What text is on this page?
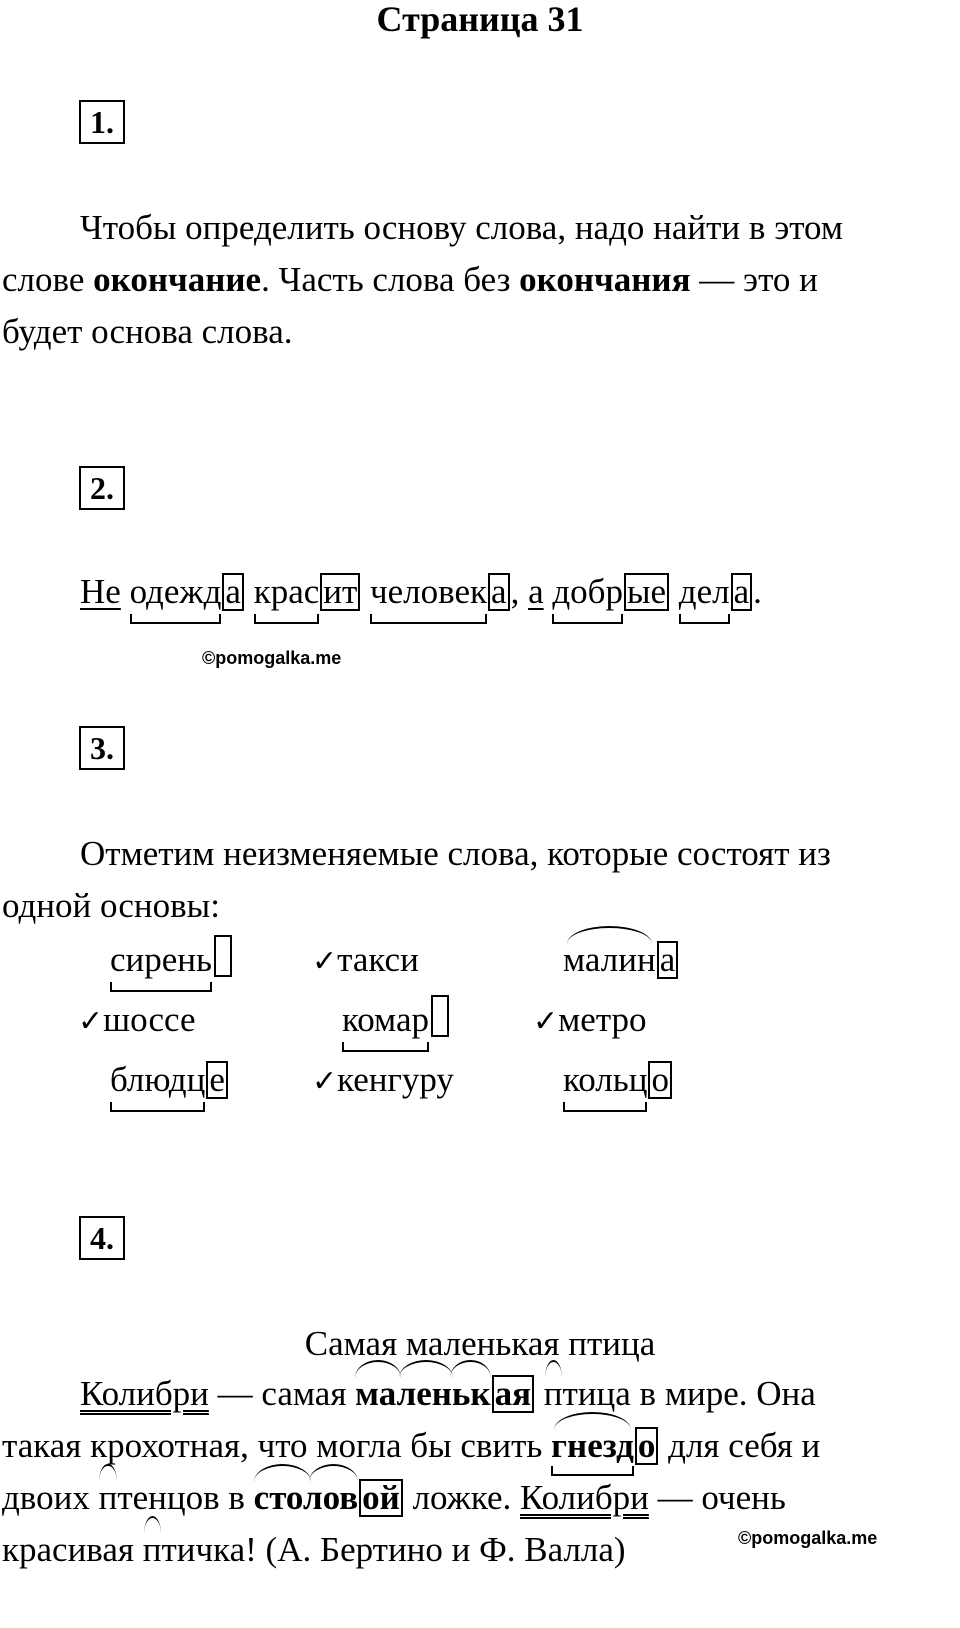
Страница 31
1.
Чтобы определить основу слова, надо найти в этом
слове окончание. Часть слова без окончания — это и
будет основа слова.
2.
Не одежд а крас ит человек а , а добр ые дел а .
©pomogalka.me
3.
Отметим неизменяемые слова, которые состоят из
одной основы:
сирень	✓такси	малин а
✓шоссе	комар	✓метро
блюдц е	✓кенгуру	кольц о
4.
Самая маленькая птица
Колибри — самая маленьк ая п
тица в мире. Она
такая крохотная, что могла бы свить гнезд о для себя и
двоих п
тенцов в столов ой ложке. Колибри — очень
красивая п
тичка! (А. Бертино и Ф. Валла)	©pomogalka.me
